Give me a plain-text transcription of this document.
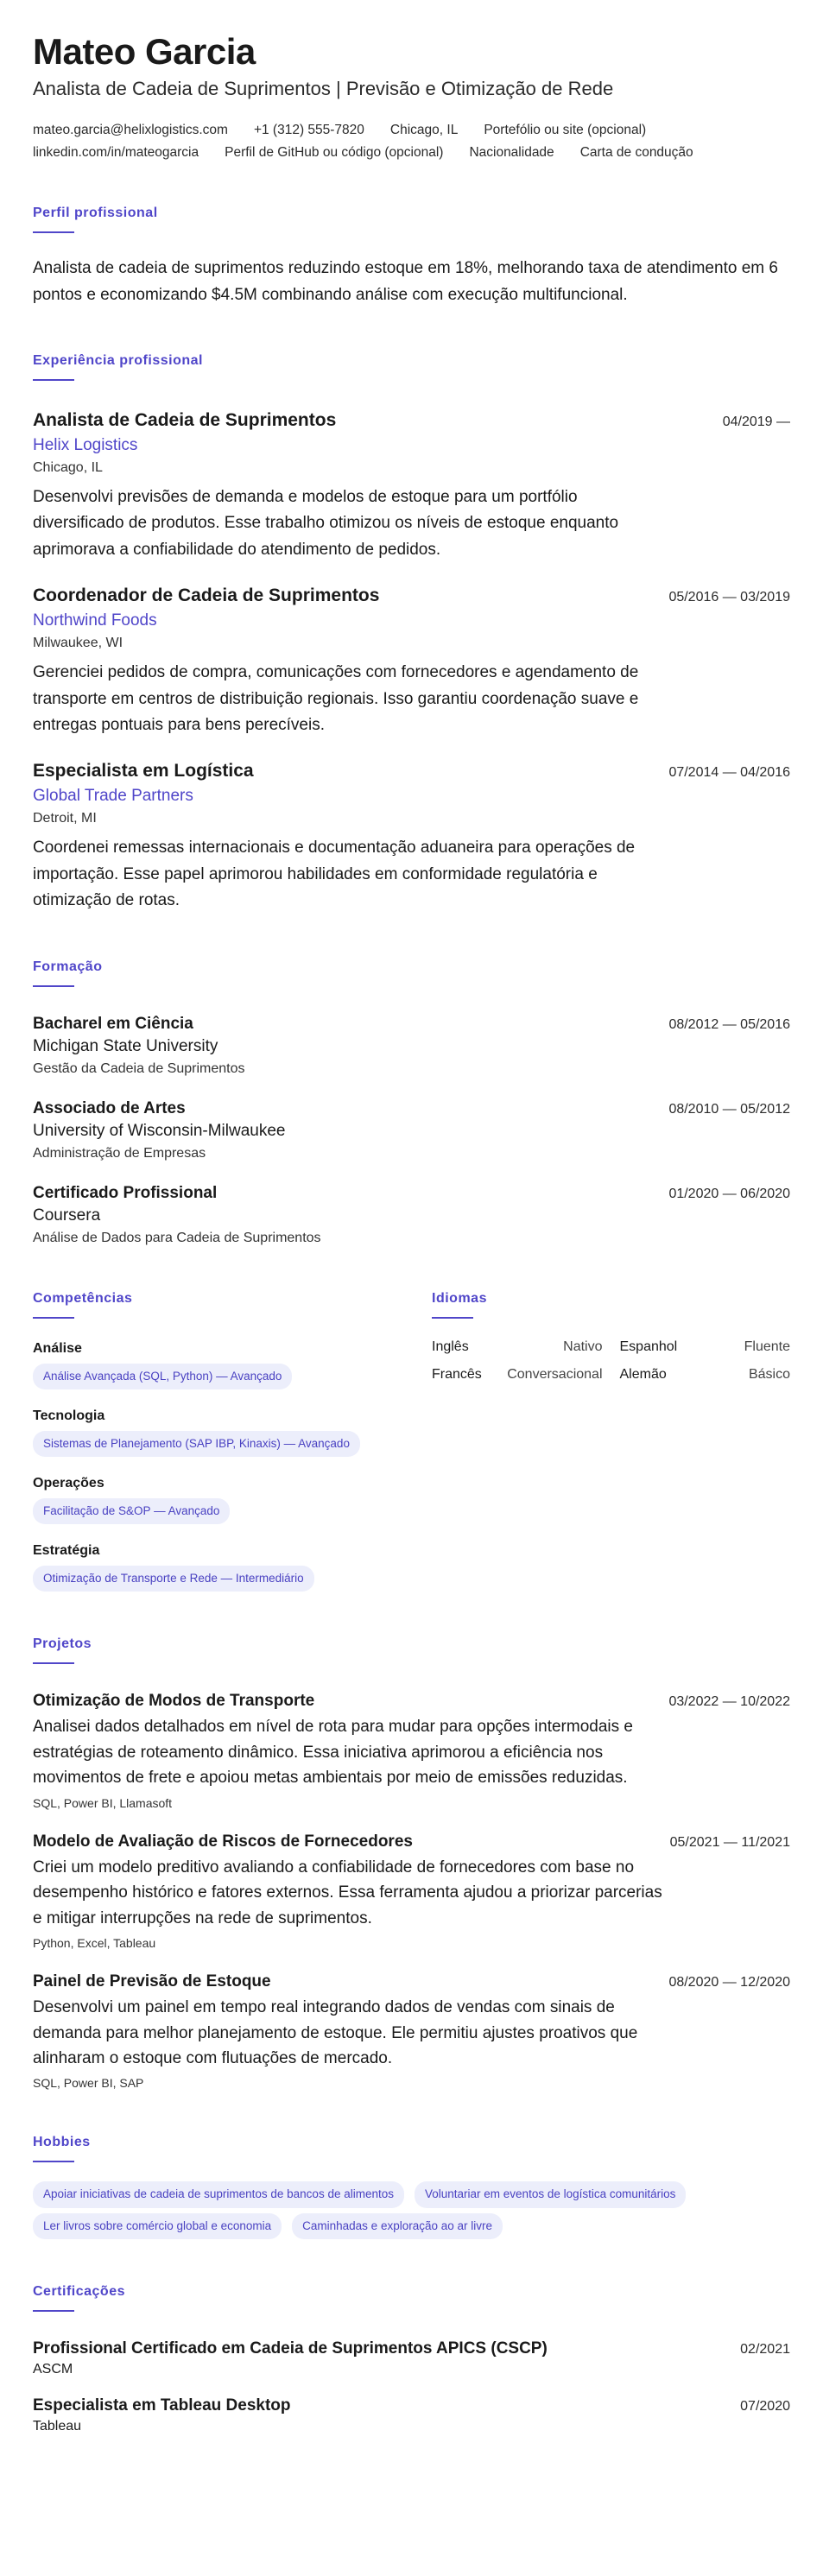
Mateo Garcia
Analista de Cadeia de Suprimentos | Previsão e Otimização de Rede
mateo.garcia@helixlogistics.com +1 (312) 555-7820 Chicago, IL Portefólio ou site (opcional)
linkedin.com/in/mateogarcia Perfil de GitHub ou código (opcional) Nacionalidade Carta de condução
Perfil profissional
Analista de cadeia de suprimentos reduzindo estoque em 18%, melhorando taxa de atendimento em 6 pontos e economizando $4.5M combinando análise com execução multifuncional.
Experiência profissional
Analista de Cadeia de Suprimentos	04/2019 —
Helix Logistics
Chicago, IL
Desenvolvi previsões de demanda e modelos de estoque para um portfólio diversificado de produtos. Esse trabalho otimizou os níveis de estoque enquanto aprimorava a confiabilidade do atendimento de pedidos.
Coordenador de Cadeia de Suprimentos	05/2016 — 03/2019
Northwind Foods
Milwaukee, WI
Gerenciei pedidos de compra, comunicações com fornecedores e agendamento de transporte em centros de distribuição regionais. Isso garantiu coordenação suave e entregas pontuais para bens perecíveis.
Especialista em Logística	07/2014 — 04/2016
Global Trade Partners
Detroit, MI
Coordenei remessas internacionais e documentação aduaneira para operações de importação. Esse papel aprimorou habilidades em conformidade regulatória e otimização de rotas.
Formação
Bacharel em Ciência	08/2012 — 05/2016
Michigan State University
Gestão da Cadeia de Suprimentos
Associado de Artes	08/2010 — 05/2012
University of Wisconsin-Milwaukee
Administração de Empresas
Certificado Profissional	01/2020 — 06/2020
Coursera
Análise de Dados para Cadeia de Suprimentos
Competências
Análise
Análise Avançada (SQL, Python) — Avançado
Tecnologia
Sistemas de Planejamento (SAP IBP, Kinaxis) — Avançado
Operações
Facilitação de S&OP — Avançado
Estratégia
Otimização de Transporte e Rede — Intermediário
Idiomas
Inglês	Nativo Espanhol	Fluente
Francês Conversacional Alemão	Básico
Projetos
Otimização de Modos de Transporte	03/2022 — 10/2022
Analisei dados detalhados em nível de rota para mudar para opções intermodais e estratégias de roteamento dinâmico. Essa iniciativa aprimorou a eficiência nos movimentos de frete e apoiou metas ambientais por meio de emissões reduzidas.
SQL, Power BI, Llamasoft
Modelo de Avaliação de Riscos de Fornecedores	05/2021 — 11/2021
Criei um modelo preditivo avaliando a confiabilidade de fornecedores com base no desempenho histórico e fatores externos. Essa ferramenta ajudou a priorizar parcerias e mitigar interrupções na rede de suprimentos.
Python, Excel, Tableau
Painel de Previsão de Estoque	08/2020 — 12/2020
Desenvolvi um painel em tempo real integrando dados de vendas com sinais de demanda para melhor planejamento de estoque. Ele permitiu ajustes proativos que alinharam o estoque com flutuações de mercado.
SQL, Power BI, SAP
Hobbies
Apoiar iniciativas de cadeia de suprimentos de bancos de alimentos	Voluntariar em eventos de logística comunitários
Ler livros sobre comércio global e economia	Caminhadas e exploração ao ar livre
Certificações
Profissional Certificado em Cadeia de Suprimentos APICS (CSCP)	02/2021
ASCM
Especialista em Tableau Desktop	07/2020
Tableau
